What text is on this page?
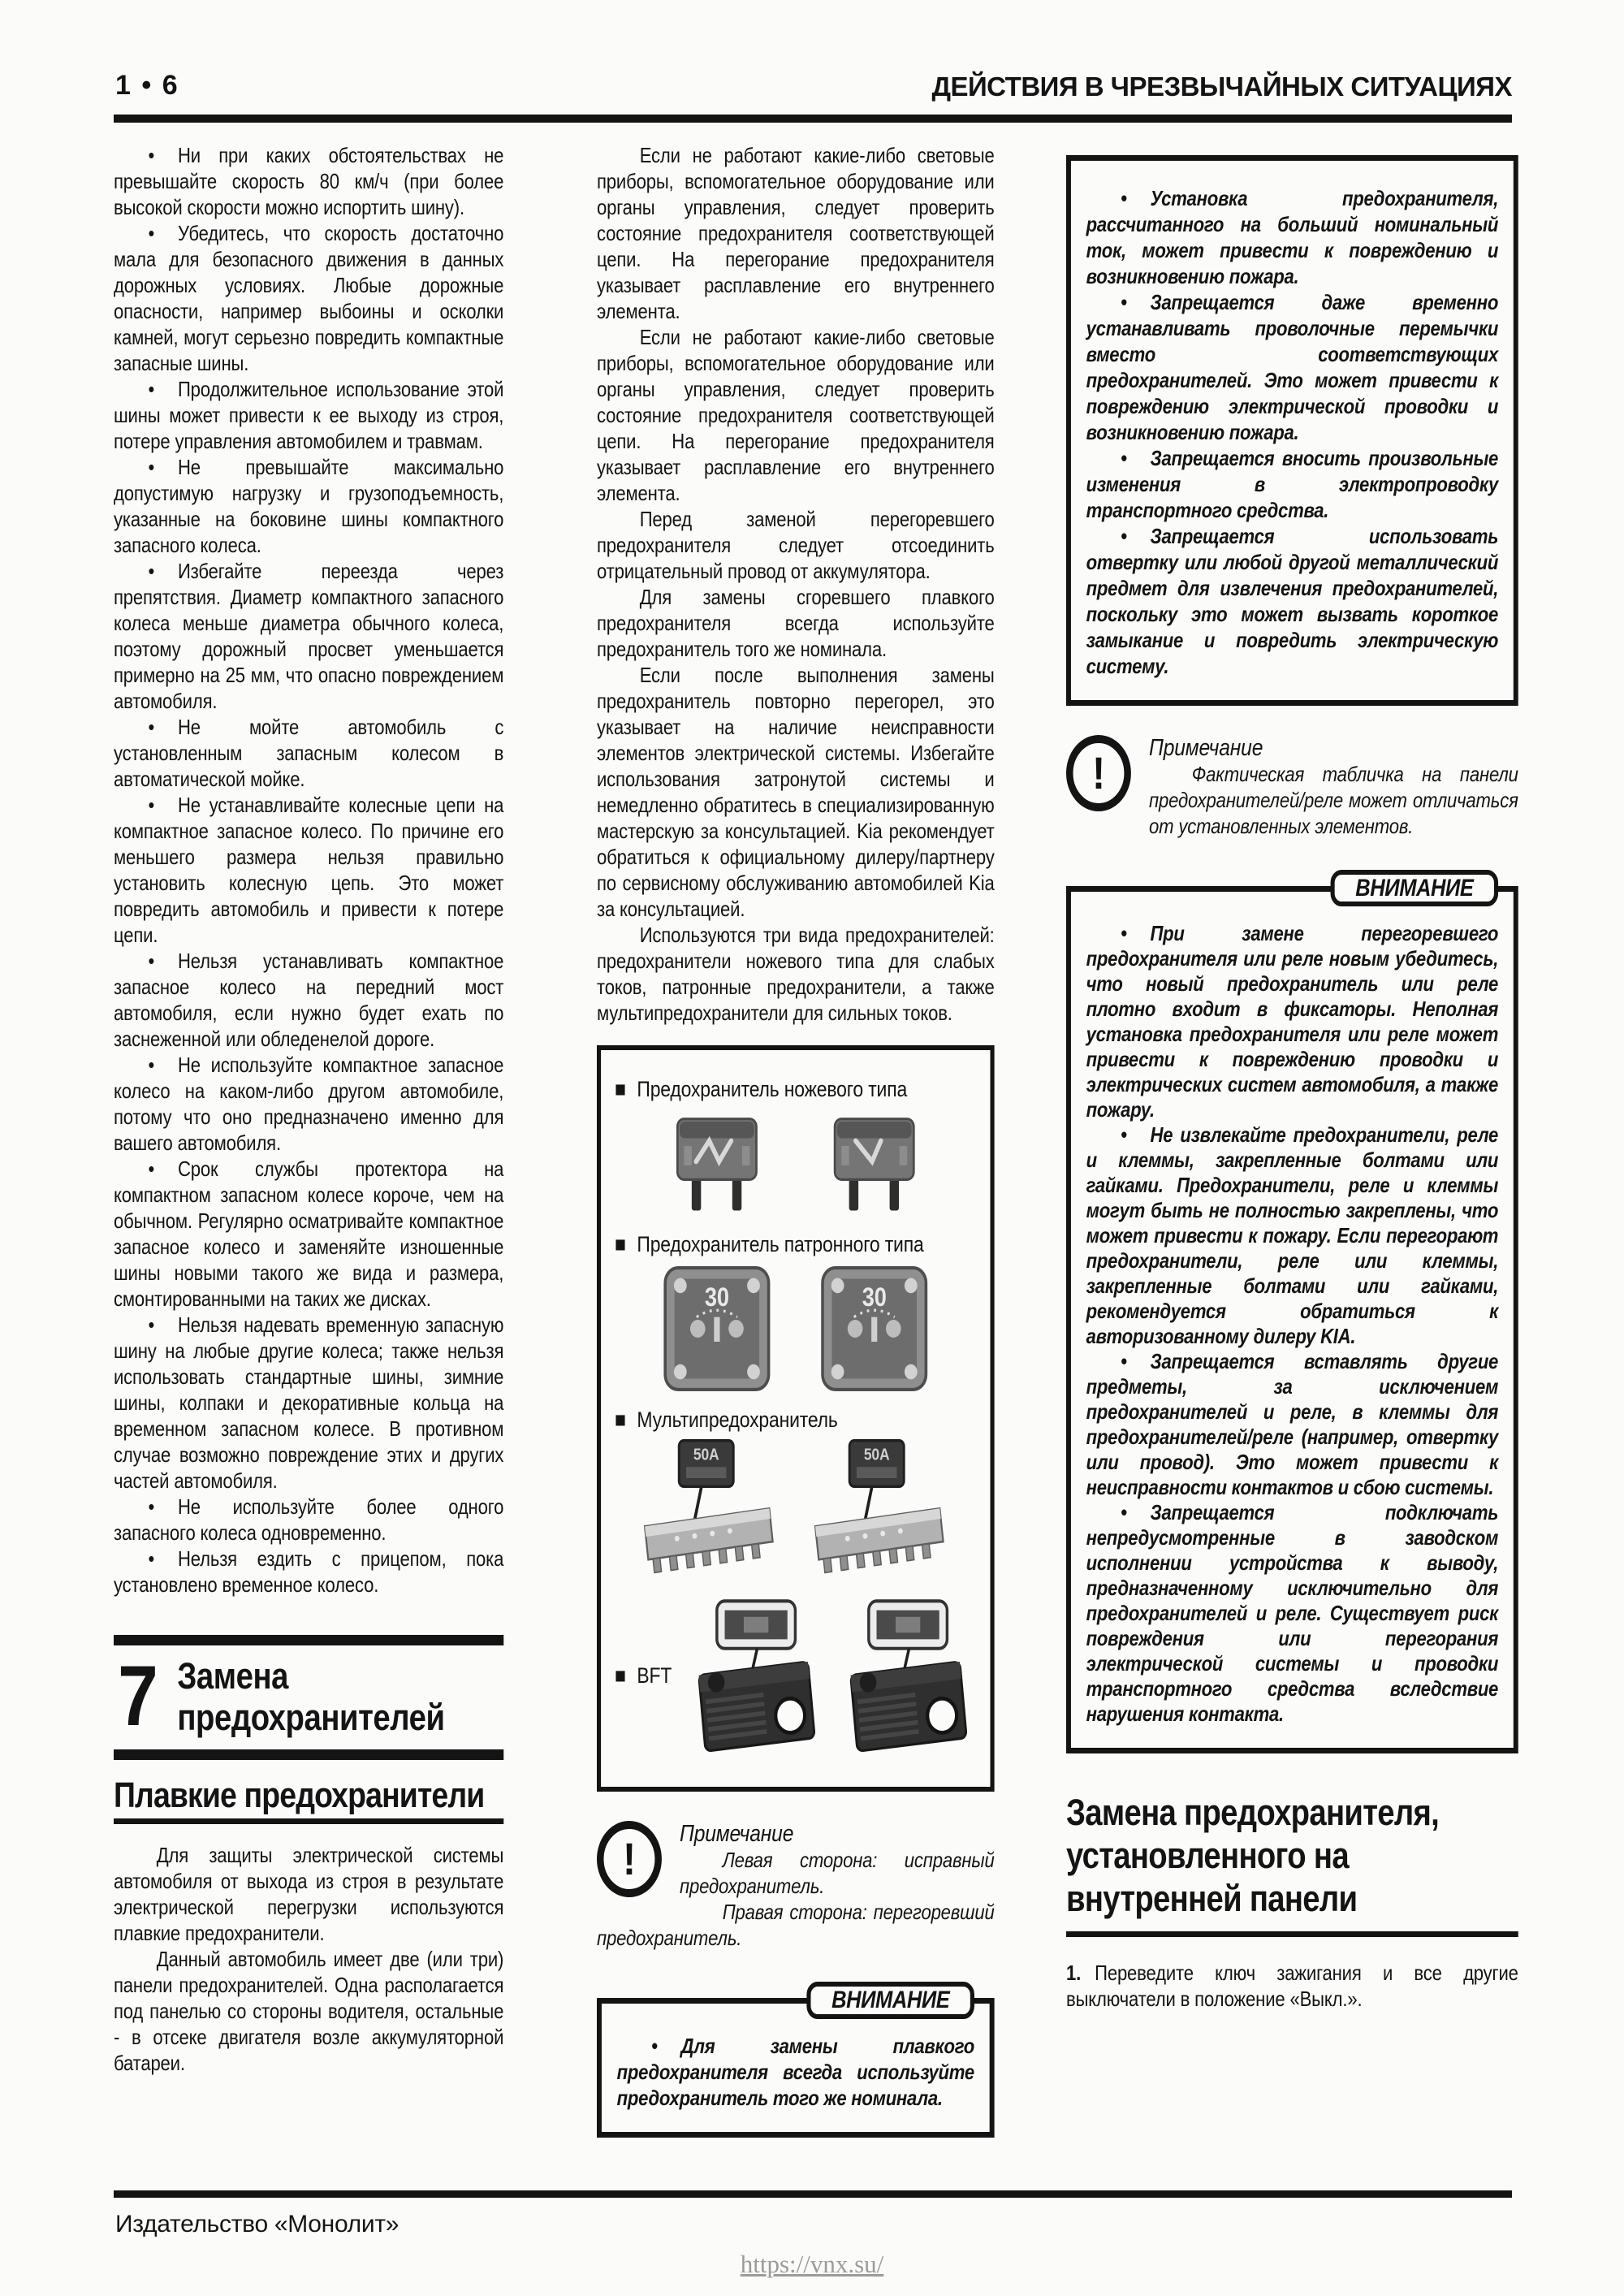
1 • 6	ДЕЙСТВИЯ В ЧРЕЗВЫЧАЙНЫХ СИТУАЦИЯХ

• Ни при каких обстоятельствах не превышайте скорость 80 км/ч (при более высокой скорости можно испортить шину).

• Убедитесь, что скорость достаточно мала для безопасного движения в данных дорожных условиях. Любые дорожные опасности, например выбоины и осколки камней, могут серьезно повредить компактные запасные шины.

• Продолжительное использование этой шины может привести к ее выходу из строя, потере управления автомобилем и травмам.

• Не превышайте максимально допустимую нагрузку и грузоподъемность, указанные на боковине шины компактного запасного колеса.

• Избегайте переезда через препятствия. Диаметр компактного запасного колеса меньше диаметра обычного колеса, поэтому дорожный просвет уменьшается примерно на 25 мм, что опасно повреждением автомобиля.

• Не мойте автомобиль с установленным запасным колесом в автоматической мойке.

• Не устанавливайте колесные цепи на компактное запасное колесо. По причине его меньшего размера нельзя правильно установить колесную цепь. Это может повредить автомобиль и привести к потере цепи.

• Нельзя устанавливать компактное запасное колесо на передний мост автомобиля, если нужно будет ехать по заснеженной или обледенелой дороге.

• Не используйте компактное запасное колесо на каком-либо другом автомобиле, потому что оно предназначено именно для вашего автомобиля.

• Срок службы протектора на компактном запасном колесе короче, чем на обычном. Регулярно осматривайте компактное запасное колесо и заменяйте изношенные шины новыми такого же вида и размера, смонтированными на таких же дисках.

• Нельзя надевать временную запасную шину на любые другие колеса; также нельзя использовать стандартные шины, зимние шины, колпаки и декоративные кольца на временном запасном колесе. В противном случае возможно повреждение этих и других частей автомобиля.

• Не используйте более одного запасного колеса одновременно.

• Нельзя ездить с прицепом, пока установлено временное колесо.

7 Замена
предохранителей
Плавкие предохранители

Для защиты электрической системы автомобиля от выхода из строя в результате электрической перегрузки используются плавкие предохранители.

Данный автомобиль имеет две (или три) панели предохранителей. Одна располагается под панелью со стороны водителя, остальные - в отсеке двигателя возле аккумуляторной батареи.

Если не работают какие-либо световые приборы, вспомогательное оборудование или органы управления, следует проверить состояние предохранителя соответствующей цепи. На перегорание предохранителя указывает расплавление его внутреннего элемента.

Если не работают какие-либо световые приборы, вспомогательное оборудование или органы управления, следует проверить состояние предохранителя соответствующей цепи. На перегорание предохранителя указывает расплавление его внутреннего элемента.

Перед заменой перегоревшего предохранителя следует отсоединить отрицательный провод от аккумулятора.

Для замены сгоревшего плавкого предохранителя всегда используйте предохранитель того же номинала.

Если после выполнения замены предохранитель повторно перегорел, это указывает на наличие неисправности элементов электрической системы. Избегайте использования затронутой системы и немедленно обратитесь в специализированную мастерскую за консультацией. Kia рекомендует обратиться к официальному дилеру/партнеру по сервисному обслуживанию автомобилей Kia за консультацией.

Используются три вида предохранителей: предохранители ножевого типа для слабых токов, патронные предохранители, а также мультипредохранители для сильных токов.

■ Предохранитель ножевого типа
■ Предохранитель патронного типа
30	30
■ Мультипредохранитель
50A	50A
■ BFT
!	Примечание

Левая сторона: исправный предохранитель.

Правая сторона: перегоревший предохранитель.

ВНИМАНИЕ

• Для замены плавкого предохранителя всегда используйте предохранитель того же номинала.

• Установка предохранителя, рассчитанного на больший номинальный ток, может привести к повреждению и возникновению пожара.

• Запрещается даже временно устанавливать проволочные перемычки вместо соответствующих предохранителей. Это может привести к повреждению электрической проводки и возникновению пожара.

• Запрещается вносить произвольные изменения в электропроводку транспортного средства.

• Запрещается использовать отвертку или любой другой металлический предмет для извлечения предохранителей, поскольку это может вызвать короткое замыкание и повредить электрическую систему.

!	Примечание

Фактическая табличка на панели предохранителей/реле может отличаться от установленных элементов.

ВНИМАНИЕ

• При замене перегоревшего предохранителя или реле новым убедитесь, что новый предохранитель или реле плотно входит в фиксаторы. Неполная установка предохранителя или реле может привести к повреждению проводки и электрических систем автомобиля, а также пожару.

• Не извлекайте предохранители, реле и клеммы, закрепленные болтами или гайками. Предохранители, реле и клеммы могут быть не полностью закреплены, что может привести к пожару. Если перегорают предохранители, реле или клеммы, закрепленные болтами или гайками, рекомендуется обратиться к авторизованному дилеру KIA.

• Запрещается вставлять другие предметы, за исключением предохранителей и реле, в клеммы для предохранителей/реле (например, отвертку или провод). Это может привести к неисправности контактов и сбою системы.

• Запрещается подключать непредусмотренные в заводском исполнении устройства к выводу, предназначенному исключительно для предохранителей и реле. Существует риск повреждения или перегорания электрической системы и проводки транспортного средства вследствие нарушения контакта.

Замена предохранителя, установленного на внутренней панели

1. Переведите ключ зажигания и все другие выключатели в положение «Выкл.».

Издательство «Монолит»
https://vnx.su/
